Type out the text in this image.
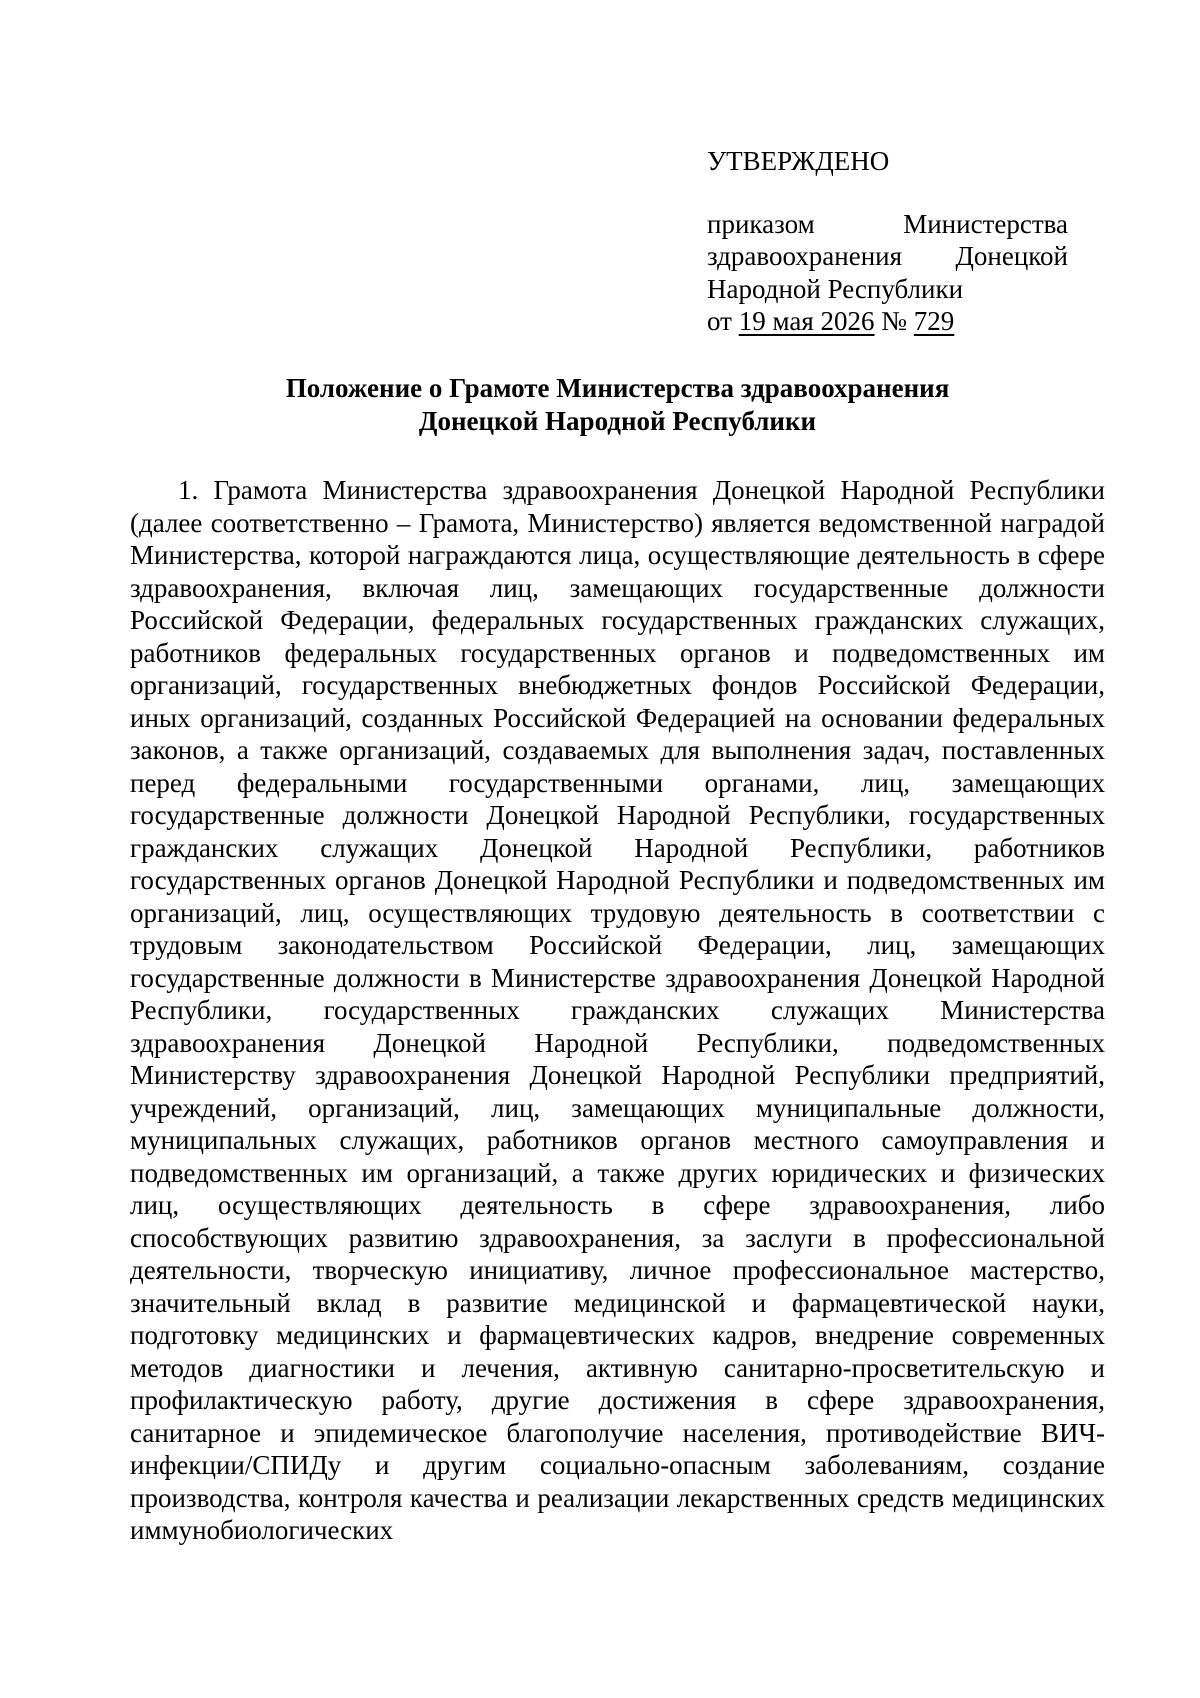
УТВЕРЖДЕНО
приказом Министерства здравоохранения Донецкой Народной Республики
от 19 мая 2026 № 729
Положение о Грамоте Министерства здравоохранения
Донецкой Народной Республики

1. Грамота Министерства здравоохранения Донецкой Народной Республики (далее соответственно – Грамота, Министерство) является ведомственной наградой Министерства, которой награждаются лица, осуществляющие деятельность в сфере здравоохранения, включая лиц, замещающих государственные должности Российской Федерации, федеральных государственных гражданских служащих, работников федеральных государственных органов и подведомственных им организаций, государственных внебюджетных фондов Российской Федерации, иных организаций, созданных Российской Федерацией на основании федеральных законов, а также организаций, создаваемых для выполнения задач, поставленных перед федеральными государственными органами, лиц, замещающих государственные должности Донецкой Народной Республики, государственных гражданских служащих Донецкой Народной Республики, работников государственных органов Донецкой Народной Республики и подведомственных им организаций, лиц, осуществляющих трудовую деятельность в соответствии с трудовым законодательством Российской Федерации, лиц, замещающих государственные должности в Министерстве здравоохранения Донецкой Народной Республики, государственных гражданских служащих Министерства здравоохранения Донецкой Народной Республики, подведомственных Министерству здравоохранения Донецкой Народной Республики предприятий, учреждений, организаций, лиц, замещающих муниципальные должности, муниципальных служащих, работников органов местного самоуправления и подведомственных им организаций, а также других юридических и физических лиц, осуществляющих деятельность в сфере здравоохранения, либо способствующих развитию здравоохранения, за заслуги в профессиональной деятельности, творческую инициативу, личное профессиональное мастерство, значительный вклад в развитие медицинской и фармацевтической науки, подготовку медицинских и фармацевтических кадров, внедрение современных методов диагностики и лечения, активную санитарно-просветительскую и профилактическую работу, другие достижения в сфере здравоохранения, санитарное и эпидемическое благополучие населения, противодействие ВИЧ-инфекции/СПИДу и другим социально-опасным заболеваниям, создание производства, контроля качества и реализации лекарственных средств медицинских иммунобиологических
